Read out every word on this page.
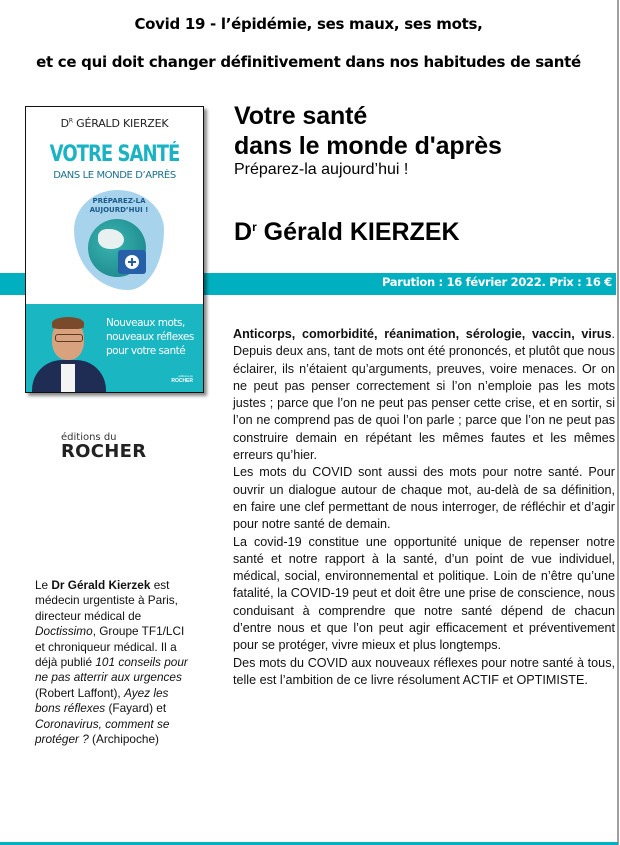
Covid 19 - l’épidémie, ses maux, ses mots,
et ce qui doit changer définitivement dans nos habitudes de santé
Parution : 16 février 2022. Prix : 16 €
$D^R$ GÉRALD KIERZEK
VOTRE SANTÉ
DANS LE MONDE D’APRÈS
PRÉPAREZ-LA
AUJOURD’HUI !
Nouveaux mots,
nouveaux réflexes
pour votre santé
éditions du
ROCHER
éditions du
ROCHER
Le Dr Gérald Kierzek est médecin urgentiste à Paris, directeur médical de Doctissimo, Groupe TF1/LCI et chroniqueur médical. Il a déjà publié 101 conseils pour ne pas atterrir aux urgences (Robert Laffont), Ayez les bons réflexes (Fayard) et Coronavirus, comment se protéger ? (Archipoche)
Votre santé
dans le monde d'après
Préparez-la aujourd’hui !
$D^r$ Gérald KIERZEK

Anticorps, comorbidité, réanimation, sérologie, vaccin, virus. Depuis deux ans, tant de mots ont été prononcés, et plutôt que nous éclairer, ils n’étaient qu’arguments, preuves, voire menaces. Or on ne peut pas penser correctement si l’on n’emploie pas les mots justes ; parce que l’on ne peut pas penser cette crise, et en sortir, si l’on ne comprend pas de quoi l’on parle ; parce que l’on ne peut pas construire demain en répétant les mêmes fautes et les mêmes erreurs qu’hier.

Les mots du COVID sont aussi des mots pour notre santé. Pour ouvrir un dialogue autour de chaque mot, au-delà de sa définition, en faire une clef permettant de nous interroger, de réfléchir et d’agir pour notre santé de demain.

La covid-19 constitue une opportunité unique de repenser notre santé et notre rapport à la santé, d’un point de vue individuel, médical, social, environnemental et politique. Loin de n’être qu’une fatalité, la COVID-19 peut et doit être une prise de conscience, nous conduisant à comprendre que notre santé dépend de chacun d’entre nous et que l’on peut agir efficacement et préventivement pour se protéger, vivre mieux et plus longtemps.

Des mots du COVID aux nouveaux réflexes pour notre santé à tous, telle est l’ambition de ce livre résolument ACTIF et OPTIMISTE.
